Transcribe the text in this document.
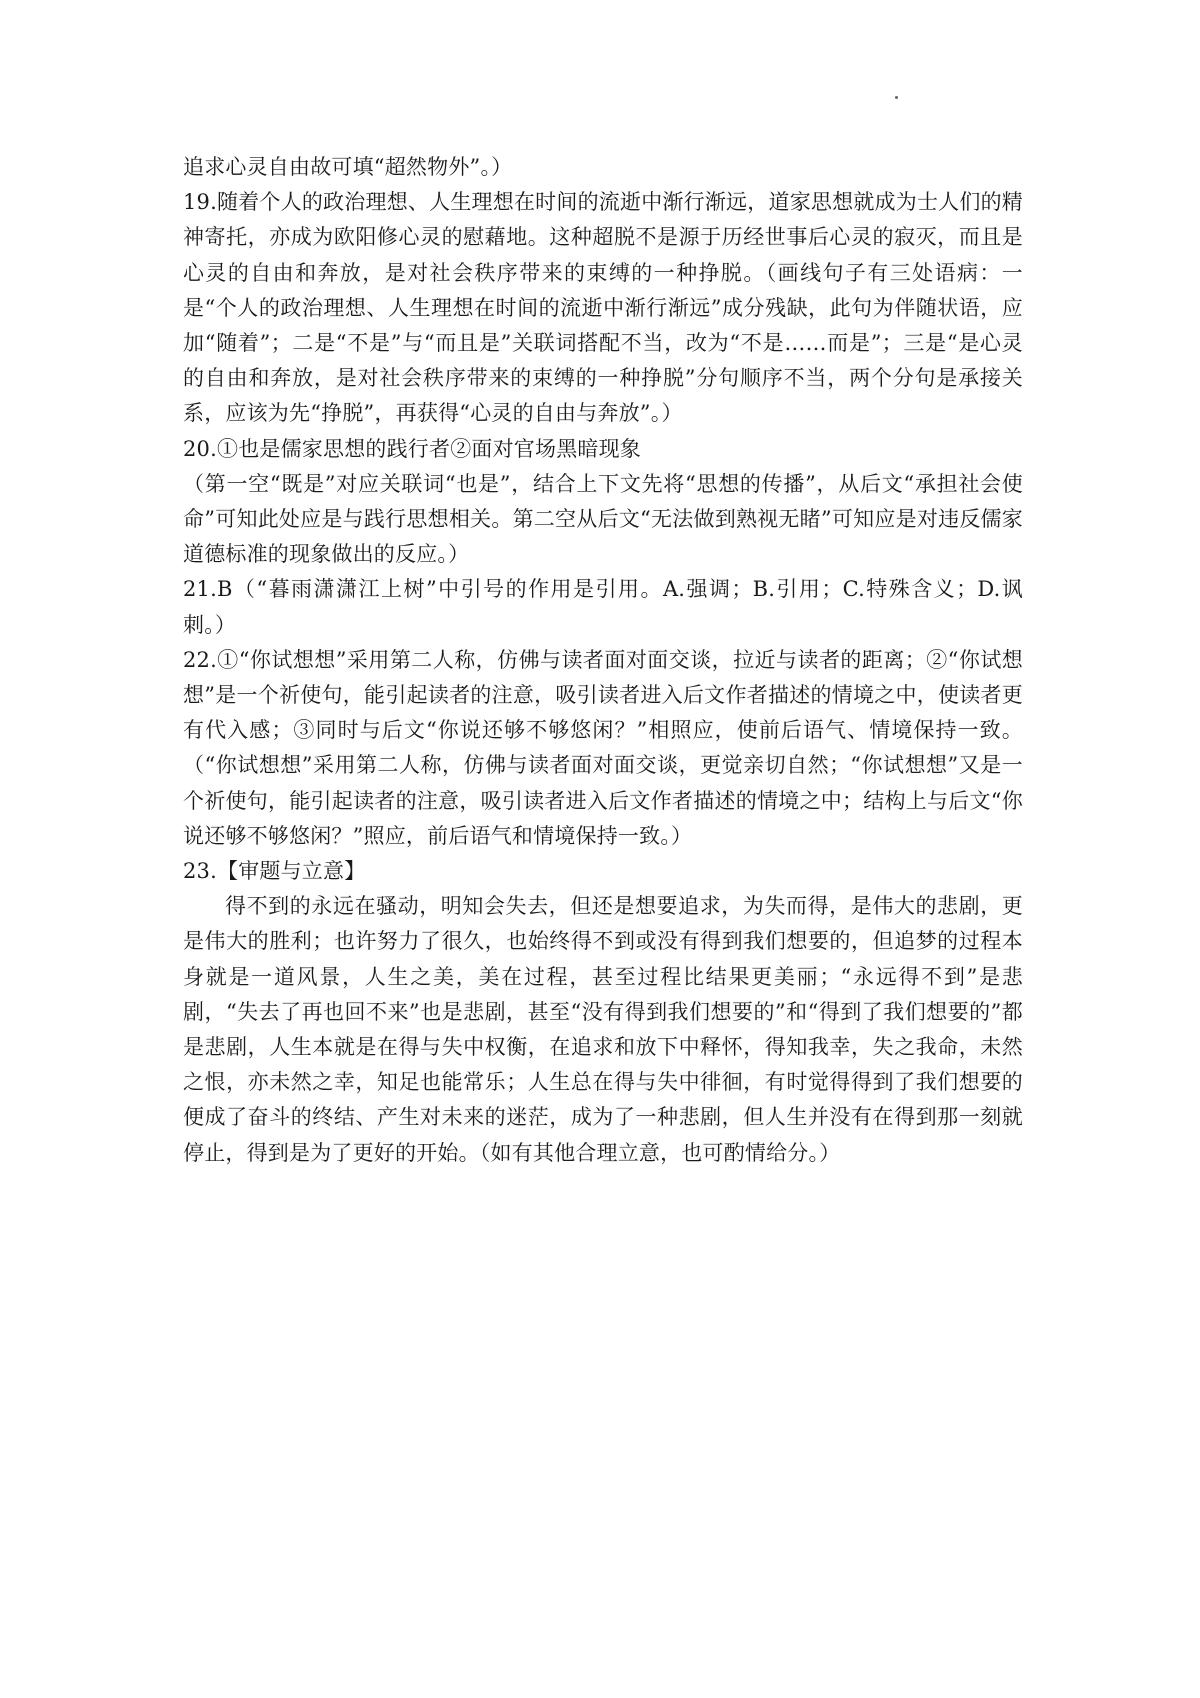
追求心灵自由故可填“超然物外”。）

19.随着个人的政治理想、人生理想在时间的流逝中渐行渐远，道家思想就成为士人们的精神寄托，亦成为欧阳修心灵的慰藉地。这种超脱不是源于历经世事后心灵的寂灭，而且是心灵的自由和奔放，是对社会秩序带来的束缚的一种挣脱。（画线句子有三处语病：一是“个人的政治理想、人生理想在时间的流逝中渐行渐远”成分残缺，此句为伴随状语，应加“随着”；二是“不是”与“而且是”关联词搭配不当，改为“不是……而是”；三是“是心灵的自由和奔放，是对社会秩序带来的束缚的一种挣脱”分句顺序不当，两个分句是承接关系，应该为先“挣脱”，再获得“心灵的自由与奔放”。）

20.①也是儒家思想的践行者②面对官场黑暗现象

（第一空“既是”对应关联词“也是”，结合上下文先将“思想的传播”，从后文“承担社会使命”可知此处应是与践行思想相关。第二空从后文“无法做到熟视无睹”可知应是对违反儒家道德标准的现象做出的反应。）

21.B（“暮雨潇潇江上树”中引号的作用是引用。A.强调；B.引用；C.特殊含义；D.讽刺。）

22.①“你试想想”采用第二人称，仿佛与读者面对面交谈，拉近与读者的距离；②“你试想想”是一个祈使句，能引起读者的注意，吸引读者进入后文作者描述的情境之中，使读者更有代入感；③同时与后文“你说还够不够悠闲？”相照应，使前后语气、情境保持一致。（“你试想想”采用第二人称，仿佛与读者面对面交谈，更觉亲切自然；“你试想想”又是一个祈使句，能引起读者的注意，吸引读者进入后文作者描述的情境之中；结构上与后文“你说还够不够悠闲？”照应，前后语气和情境保持一致。）

23.【审题与立意】

得不到的永远在骚动，明知会失去，但还是想要追求，为失而得，是伟大的悲剧，更是伟大的胜利；也许努力了很久，也始终得不到或没有得到我们想要的，但追梦的过程本身就是一道风景，人生之美，美在过程，甚至过程比结果更美丽；“永远得不到”是悲剧，“失去了再也回不来”也是悲剧，甚至“没有得到我们想要的”和“得到了我们想要的”都是悲剧，人生本就是在得与失中权衡，在追求和放下中释怀，得知我幸，失之我命，未然之恨，亦未然之幸，知足也能常乐；人生总在得与失中徘徊，有时觉得得到了我们想要的便成了奋斗的终结、产生对未来的迷茫，成为了一种悲剧，但人生并没有在得到那一刻就停止，得到是为了更好的开始。（如有其他合理立意，也可酌情给分。）
